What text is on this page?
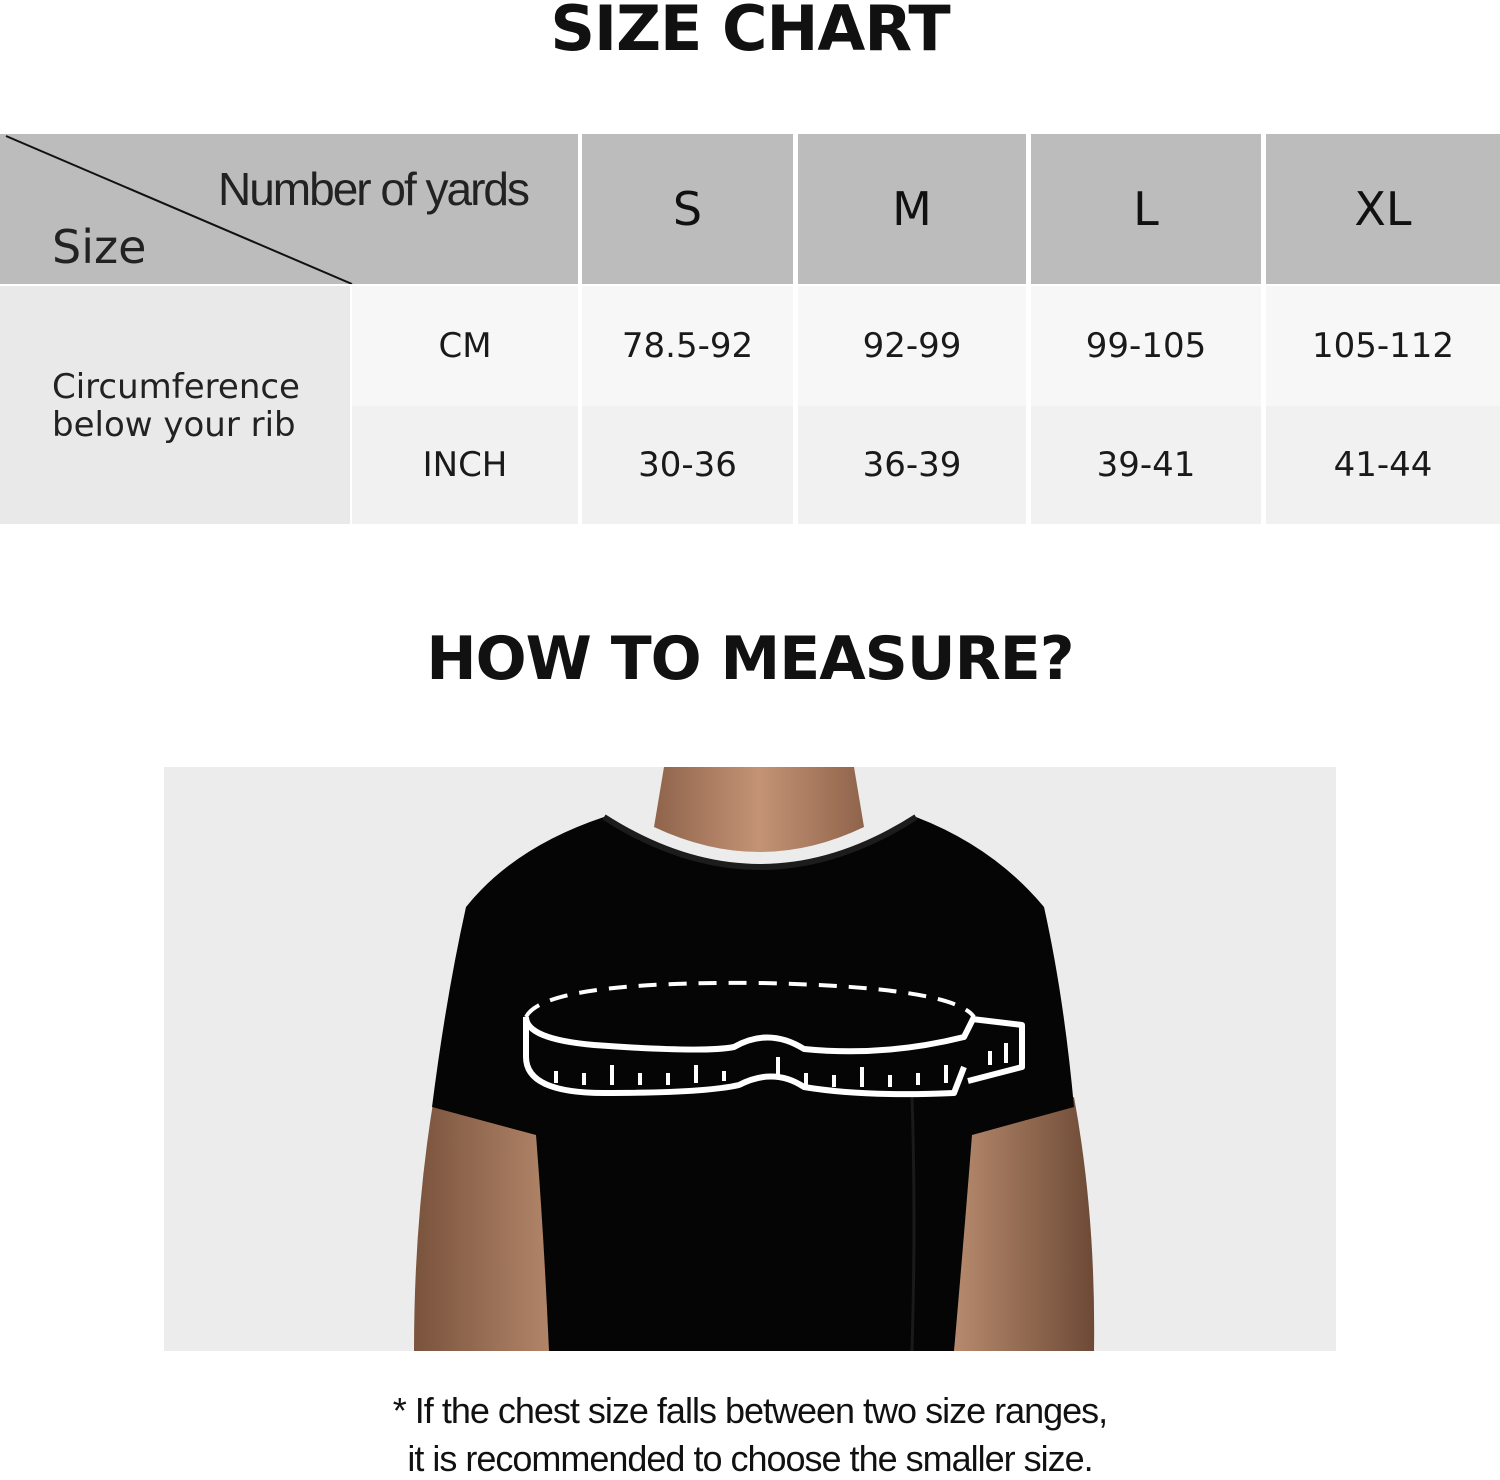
SIZE CHART
Number of yards
Size
S	M	L	XL
Circumference
below your rib
CM	78.5-92	92-99	99-105	105-112
INCH	30-36	36-39	39-41	41-44
HOW TO MEASURE?
* If the chest size falls between two size ranges,
it is recommended to choose the smaller size.
